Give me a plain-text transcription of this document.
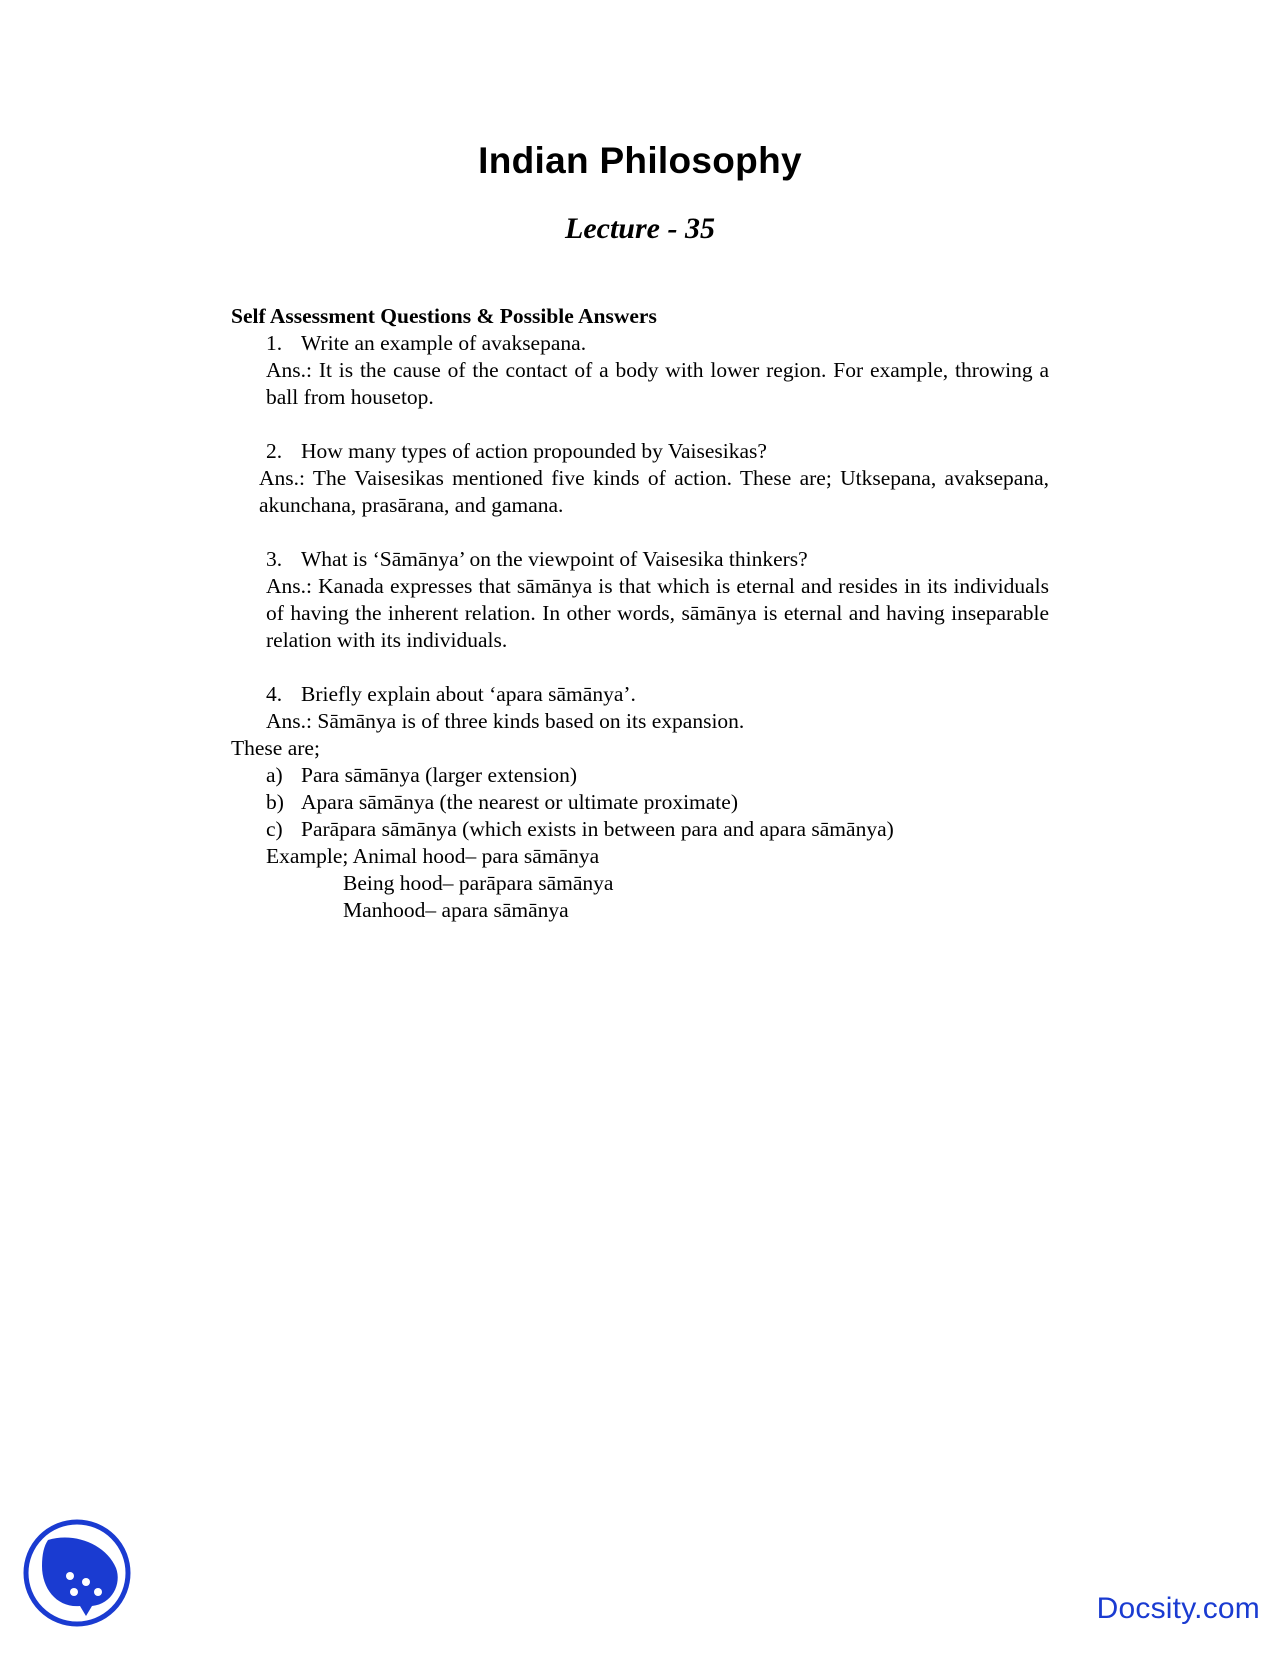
Indian Philosophy
Lecture - 35
Self Assessment Questions & Possible Answers
1. Write an example of avaksepana.
Ans.: It is the cause of the contact of a body with lower region. For example, throwing a ball from housetop.
2. How many types of action propounded by Vaisesikas?
Ans.: The Vaisesikas mentioned five kinds of action. These are; Utksepana, avaksepana, akunchana, prasārana, and gamana.
3. What is ‘Sāmānya’ on the viewpoint of Vaisesika thinkers?
Ans.: Kanada expresses that sāmānya is that which is eternal and resides in its individuals of having the inherent relation. In other words, sāmānya is eternal and having inseparable relation with its individuals.
4. Briefly explain about ‘apara sāmānya’.
Ans.: Sāmānya is of three kinds based on its expansion.
These are;
a) Para sāmānya (larger extension)
b) Apara sāmānya (the nearest or ultimate proximate)
c) Parāpara sāmānya (which exists in between para and apara sāmānya)
Example; Animal hood– para sāmānya
Being hood– parāpara sāmānya
Manhood– apara sāmānya
Docsity.com
